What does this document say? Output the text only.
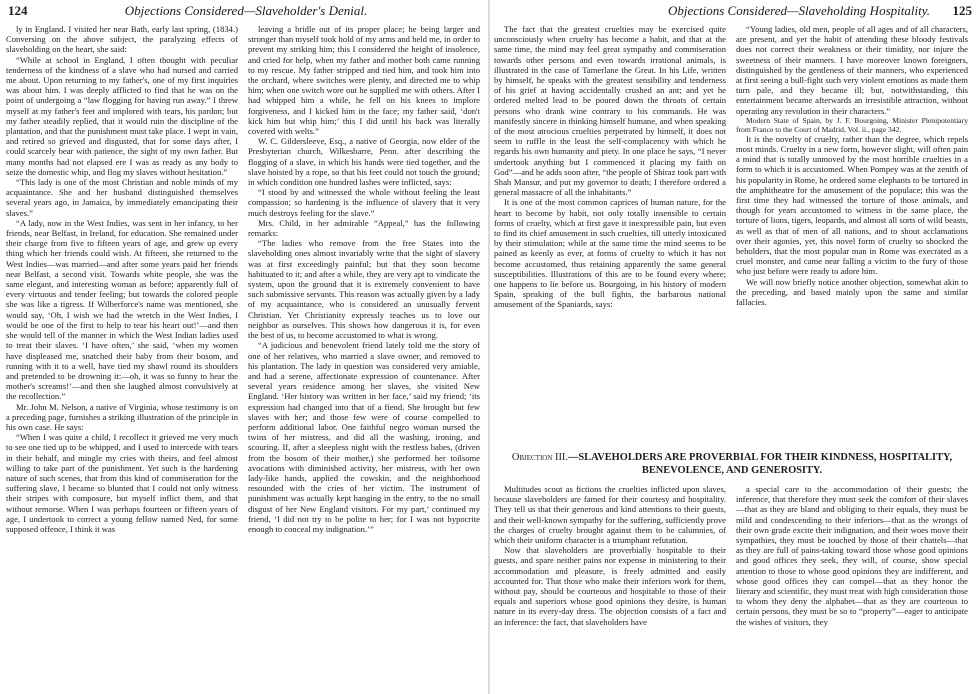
124	Objections Considered—Slaveholder's Denial.

ly in England. I visited her near Bath, early last spring, (1834.) Conversing on the above subject, the paralyzing effects of slaveholding on the heart, she said:

“While at school in England, I often thought with peculiar tenderness of the kindness of a slave who had nursed and carried me about. Upon returning to my father's, one of my first inquiries was about him. I was deeply afflicted to find that he was on the point of undergoing a “law flogging for having run away.” I threw myself at my father's feet and implored with tears, his pardon; but my father steadily replied, that it would ruin the discipline of the plantation, and that the punishment must take place. I wept in vain, and retired so grieved and disgusted, that for some days after, I could scarcely bear with patience, the sight of my own father. But many months had not elapsed ere I was as ready as any body to seize the domestic whip, and flog my slaves without hesitation.”

“This lady is one of the most Christian and noble minds of my acquaintance. She and her husband distinguished themselves several years ago, in Jamaica, by immediately emancipating their slaves.”

“A lady, now in the West Indies, was sent in her infancy, to her friends, near Belfast, in Ireland, for education. She remained under their charge from five to fifteen years of age, and grew up every thing which her friends could wish. At fifteen, she returned to the West Indies—was married—and after some years paid her friends near Belfast, a second visit. Towards white people, she was the same elegant, and interesting woman as before; apparently full of every virtuous and tender feeling; but towards the colored people she was like a tigress. If Wilberforce's name was mentioned, she would say, ‘Oh, I wish we had the wretch in the West Indies, I would be one of the first to help to tear his heart out!’—and then she would tell of the manner in which the West Indian ladies used to treat their slaves. ‘I have often,’ she said, ‘when my women have displeased me, snatched their baby from their bosom, and running with it to a well, have tied my shawl round its shoulders and pretended to be drowning it:—oh, it was so funny to hear the mother's screams!’—and then she laughed almost convulsively at the recollection.”

Mr. John M. Nelson, a native of Virginia, whose testimony is on a preceding page, furnishes a striking illustration of the principle in his own case. He says:

“When I was quite a child, I recollect it grieved me very much to see one tied up to be whipped, and I used to intercede with tears in their behalf, and mingle my cries with theirs, and feel almost willing to take part of the punishment. Yet such is the hardening nature of such scenes, that from this kind of commiseration for the suffering slave, I became so blunted that I could not only witness their stripes with composure, but myself inflict them, and that without remorse. When I was perhaps fourteen or fifteen years of age, I undertook to correct a young fellow named Ned, for some supposed offence, I think it was

leaving a bridle out of its proper place; he being larger and stronger than myself took hold of my arms and held me, in order to prevent my striking him; this I considered the height of insolence, and cried for help, when my father and mother both came running to my rescue. My father stripped and tied him, and took him into the orchard, where switches were plenty, and directed me to whip him; when one switch wore out he supplied me with others. After I had whipped him a while, he fell on his knees to implore forgiveness, and I kicked him in the face; my father said, ‘don't kick him but whip him;’ this I did until his back was literally covered with welts.”

W. C. Gildersleeve, Esq., a native of Georgia, now elder of the Presbyterian church, Wilkesbarre, Penn. after describing the flogging of a slave, in which his hands were tied together, and the slave hoisted by a rope, so that his feet could not touch the ground; in which condition one hundred lashes were inflicted, says:

“I stood by and witnessed the whole without feeling the least compassion; so hardening is the influence of slavery that it very much destroys feeling for the slave.”

Mrs. Child, in her admirable “Appeal,” has the following remarks:

“The ladies who remove from the free States into the slaveholding ones almost invariably write that the sight of slavery was at first exceedingly painful; but that they soon become habituated to it; and after a while, they are very apt to vindicate the system, upon the ground that it is extremely convenient to have such submissive servants. This reason was actually given by a lady of my acquaintance, who is considered an unusually fervent Christian. Yet Christianity expressly teaches us to love our neighbor as ourselves. This shows how dangerous it is, for even the best of us, to become accustomed to what is wrong.

“A judicious and benevolent friend lately told me the story of one of her relatives, who married a slave owner, and removed to his plantation. The lady in question was considered very amiable, and had a serene, affectionate expression of countenance. After several years residence among her slaves, she visited New England. ‘Her history was written in her face,’ said my friend; ‘its expression had changed into that of a fiend. She brought but few slaves with her; and those few were of course compelled to perform additional labor. One faithful negro woman nursed the twins of her mistress, and did all the washing, ironing, and scouring. If, after a sleepless night with the restless babes, (driven from the bosom of their mother,) she performed her toilsome avocations with diminished activity, her mistress, with her own lady-like hands, applied the cowskin, and the neighborhood resounded with the cries of her victim. The instrument of punishment was actually kept hanging in the entry, to the no small disgust of her New England visitors. For my part,’ continued my friend, ‘I did not try to be polite to her; for I was not hypocrite enough to conceal my indignation.’”

Objections Considered—Slaveholding Hospitality.	125

The fact that the greatest cruelties may be exercised quite unconsciously when cruelty has become a habit, and that at the same time, the mind may feel great sympathy and commiseration towards other persons and even towards irrational animals, is illustrated in the case of Tamerlane the Great. In his Life, written by himself, he speaks with the greatest sensibility and tenderness of his grief at having accidentally crushed an ant; and yet he ordered melted lead to be poured down the throats of certain persons who drank wine contrary to his commands. He was manifestly sincere in thinking himself humane, and when speaking of the most atrocious cruelties perpetrated by himself, it does not seem to ruffle in the least the self-complacency with which he regards his own humanity and piety. In one place he says, “I never undertook anything but I commenced it placing my faith on God”—and he adds soon after, “the people of Shiraz took part with Shah Mansur, and put my governor to death; I therefore ordered a general massacre of all the inhabitants.”

It is one of the most common caprices of human nature, for the heart to become by habit, not only totally insensible to certain forms of cruelty, which at first gave it inexpressible pain, but even to find its chief amusement in such cruelties, till utterly intoxicated by their stimulation; while at the same time the mind seems to be pained as keenly as ever, at forms of cruelty to which it has not become accustomed, thus retaining apparently the same general susceptibilities. Illustrations of this are to be found every where; one happens to lie before us. Bourgoing, in his history of modern Spain, speaking of the bull fights, the barbarous national amusement of the Spaniards, says:

“Young ladies, old men, people of all ages and of all characters, are present, and yet the habit of attending these bloody festivals does not correct their weakness or their timidity, nor injure the sweetness of their manners. I have moreover known foreigners, distinguished by the gentleness of their manners, who experienced at first seeing a bull-fight such very violent emotions as made them turn pale, and they became ill; but, notwithstanding, this entertainment became afterwards an irresistible attraction, without operating any revolution in their characters.”

Modern State of Spain, by J. F. Bourgoing, Minister Plenipotentiary from France to the Court of Madrid, Vol. ii., page 342.

It is the novelty of cruelty, rather than the degree, which repels most minds. Cruelty in a new form, however slight, will often pain a mind that is totally unmoved by the most horrible cruelties in a form to which it is accustomed. When Pompey was at the zenith of his popularity in Rome, he ordered some elephants to be tortured in the amphitheatre for the amusement of the populace; this was the first time they had witnessed the torture of those animals, and though for years accustomed to witness in the same place, the torture of lions, tigers, leopards, and almost all sorts of wild beasts, as well as that of men of all nations, and to shout acclamations over their agonies, yet, this novel form of cruelty so shocked the beholders, that the most popular man in Rome was execrated as a cruel monster, and came near falling a victim to the fury of those who just before were ready to adore him.

We will now briefly notice another objection, somewhat akin to the preceding, and based mainly upon the same and similar fallacies.

Objection III.—SLAVEHOLDERS ARE PROVERBIAL FOR THEIR KINDNESS, HOSPITALITY, BENEVOLENCE, AND GENEROSITY.

Multitudes scout as fictions the cruelties inflicted upon slaves, because slaveholders are famed for their courtesy and hospitality. They tell us that their generous and kind attentions to their guests, and their well-known sympathy for the suffering, sufficiently prove the charges of cruelty brought against them to be calumnies, of which their uniform character is a triumphant refutation.

Now that slaveholders are proverbially hospitable to their guests, and spare neither pains nor expense in ministering to their accommodation and pleasure, is freely admitted and easily accounted for. That those who make their inferiors work for them, without pay, should be courteous and hospitable to those of their equals and superiors whose good opinions they desire, is human nature in its every-day dress. The objection consists of a fact and an inference: the fact, that slaveholders have

a special care to the accommodation of their guests; the inference, that therefore they must seek the comfort of their slaves—that as they are bland and obliging to their equals, they must be mild and condescending to their inferiors—that as the wrongs of their own grade excite their indignation, and their woes move their sympathies, they must be touched by those of their chattels—that as they are full of pains-taking toward those whose good opinions and good offices they seek, they will, of course, show special attention to those to whose good opinions they are indifferent, and whose good offices they can compel—that as they honor the literary and scientific, they must treat with high consideration those to whom they deny the alphabet—that as they are courteous to certain persons, they must be so to “property”—eager to anticipate the wishes of visitors, they
